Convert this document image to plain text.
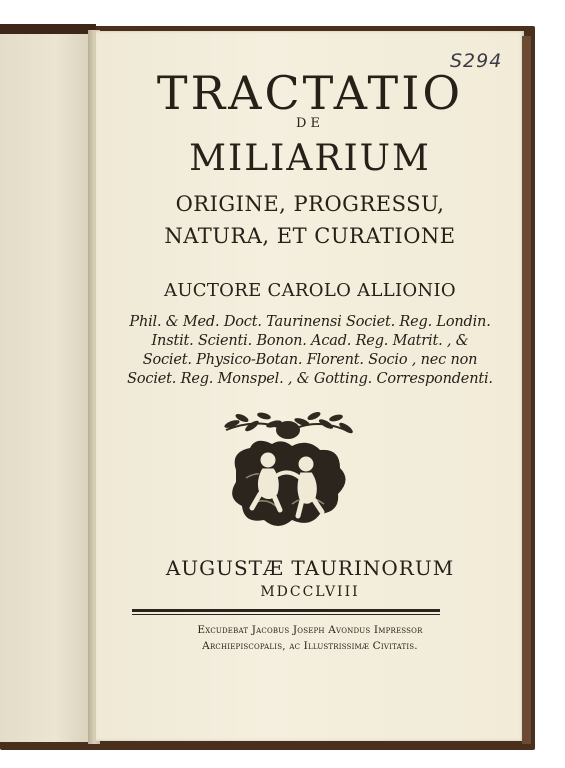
S294

TRACTATIO

DE

MILIARIUM

ORIGINE, PROGRESSU,

NATURA, ET CURATIONE

AUCTORE CAROLO ALLIONIO

Phil. & Med. Doct. Taurinensi Societ. Reg. Londin.

Instit. Scienti. Bonon. Acad. Reg. Matrit. , &

Societ. Physico-Botan. Florent. Socio , nec non

Societ. Reg. Monspel. , & Gotting. Correspondenti.

AUGUSTÆ TAURINORUM

MDCCLVIII

Excudebat Jacobus Joseph Avondus Impressor

Archiepiscopalis, ac Illustrissimæ Civitatis.
